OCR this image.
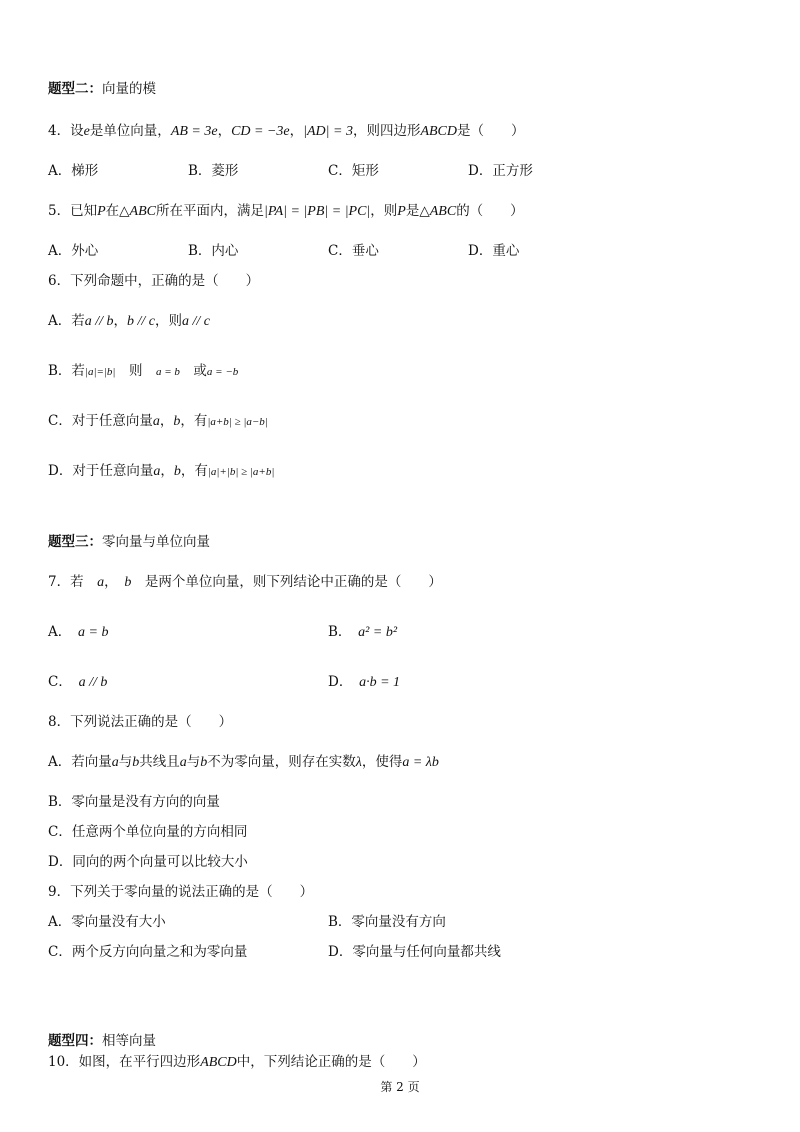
题型二：向量的模
4．设e是单位向量，AB = 3e，CD = −3e，|AD| = 3，则四边形ABCD是（　　）
A．梯形	B．菱形	C．矩形	D．正方形
5．已知P在△ABC所在平面内，满足|PA| = |PB| = |PC|，则P是△ABC的（　　）
A．外心	B．内心	C．垂心	D．重心
6．下列命题中，正确的是（　　）
A．若a // b，b // c，则a // c
B．若|a|=|b|　 则　 a = b　 或a = −b
C．对于任意向量a，b，有|a+b| ≥ |a−b|
D．对于任意向量a，b，有|a|+|b| ≥ |a+b|
题型三：零向量与单位向量
7．若　 a，　 b　 是两个单位向量，则下列结论中正确的是（　　）
A．　 a = b	B．　 a² = b²
C．　 a // b	D．　 a·b = 1
8．下列说法正确的是（　　）
A．若向量a与b共线且a与b不为零向量，则存在实数λ，使得a = λb
B．零向量是没有方向的向量
C．任意两个单位向量的方向相同
D．同向的两个向量可以比较大小
9．下列关于零向量的说法正确的是（　　）
A．零向量没有大小	B．零向量没有方向
C．两个反方向向量之和为零向量	D．零向量与任何向量都共线
题型四：相等向量
10．如图，在平行四边形ABCD中，下列结论正确的是（　　）
第 2 页
